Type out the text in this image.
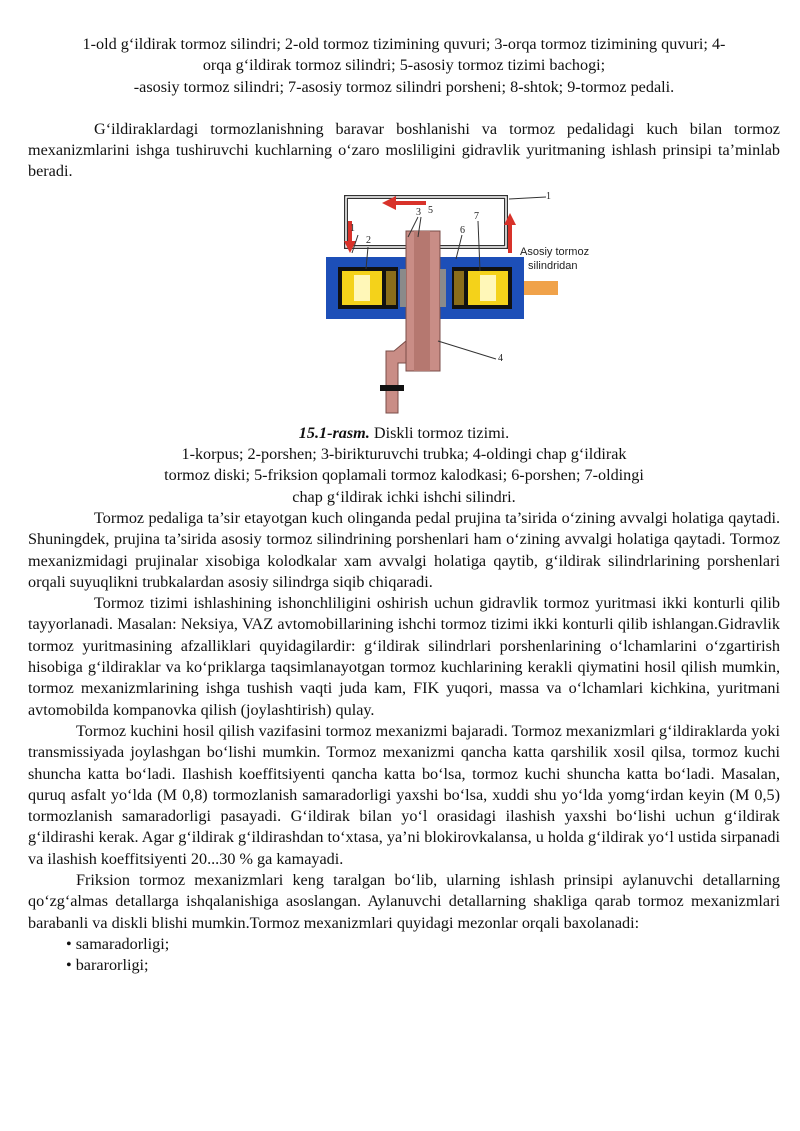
1-old g‘ildirak tormoz silindri; 2-old tormoz tizimining quvuri; 3-orqa tormoz tizimining quvuri; 4-

orqa g‘ildirak tormoz silindri; 5-asosiy tormoz tizimi bachogi;

-asosiy tormoz silindri; 7-asosiy tormoz silindri porsheni; 8-shtok; 9-tormoz pedali.

G‘ildiraklardagi tormozlanishning baravar boshlanishi va tormoz pedalidagi kuch bilan tormoz mexanizmlarini ishga tushiruvchi kuchlarning o‘zaro mosliligini gidravlik yuritmaning ishlash prinsipi ta’minlab beradi.

1
1
2
3
6
7
5
4
Asosiy tormoz
silindridan

15.1-rasm. Diskli tormoz tizimi.

1-korpus; 2-porshen; 3-birikturuvchi trubka; 4-oldingi chap g‘ildirak

tormoz diski; 5-friksion qoplamali tormoz kalodkasi; 6-porshen; 7-oldingi

chap g‘ildirak ichki ishchi silindri.

Tormoz pedaliga ta’sir etayotgan kuch olinganda pedal prujina ta’sirida o‘zining avvalgi holatiga qaytadi. Shuningdek, prujina ta’sirida asosiy tormoz silindrining porshenlari ham o‘zining avvalgi holatiga qaytadi. Tormoz mexanizmidagi prujinalar xisobiga kolodkalar xam avvalgi holatiga qaytib, g‘ildirak silindrlarining porshenlari orqali suyuqlikni trubkalardan asosiy silindrga siqib chiqaradi.

Tormoz tizimi ishlashining ishonchliligini oshirish uchun gidravlik tormoz yuritmasi ikki konturli qilib tayyorlanadi. Masalan: Neksiya, VAZ avtomobillarining ishchi tormoz tizimi ikki konturli qilib ishlangan.Gidravlik tormoz yuritmasining afzalliklari quyidagilardir: g‘ildirak silindrlari porshenlarining o‘lchamlarini o‘zgartirish hisobiga g‘ildiraklar va ko‘priklarga taqsimlanayotgan tormoz kuchlarining kerakli qiymatini hosil qilish mumkin, tormoz mexanizmlarining ishga tushish vaqti juda kam, FIK yuqori, massa va o‘lchamlari kichkina, yuritmani avtomobilda kompanovka qilish (joylashtirish) qulay.

Tormoz kuchini hosil qilish vazifasini tormoz mexanizmi bajaradi. Tormoz mexanizmlari g‘ildiraklarda yoki transmissiyada joylashgan bo‘lishi mumkin. Tormoz mexanizmi qancha katta qarshilik xosil qilsa, tormoz kuchi shuncha katta bo‘ladi. Ilashish koeffitsiyenti qancha katta bo‘lsa, tormoz kuchi shuncha katta bo‘ladi. Masalan, quruq asfalt yo‘lda (M 0,8) tormozlanish samaradorligi yaxshi bo‘lsa, xuddi shu yo‘lda yomg‘irdan keyin (M 0,5) tormozlanish samaradorligi pasayadi. G‘ildirak bilan yo‘l orasidagi ilashish yaxshi bo‘lishi uchun g‘ildirak g‘ildirashi kerak. Agar g‘ildirak g‘ildirashdan to‘xtasa, ya’ni blokirovkalansa, u holda g‘ildirak yo‘l ustida sirpanadi va ilashish koeffitsiyenti 20...30 % ga kamayadi.

Friksion tormoz mexanizmlari keng taralgan bo‘lib, ularning ishlash prinsipi aylanuvchi detallarning qo‘zg‘almas detallarga ishqalanishiga asoslangan. Aylanuvchi detallarning shakliga qarab tormoz mexanizmlari barabanli va diskli blishi mumkin.Tormoz mexanizmlari quyidagi mezonlar orqali baxolanadi:

• samaradorligi;

• bararorligi;
